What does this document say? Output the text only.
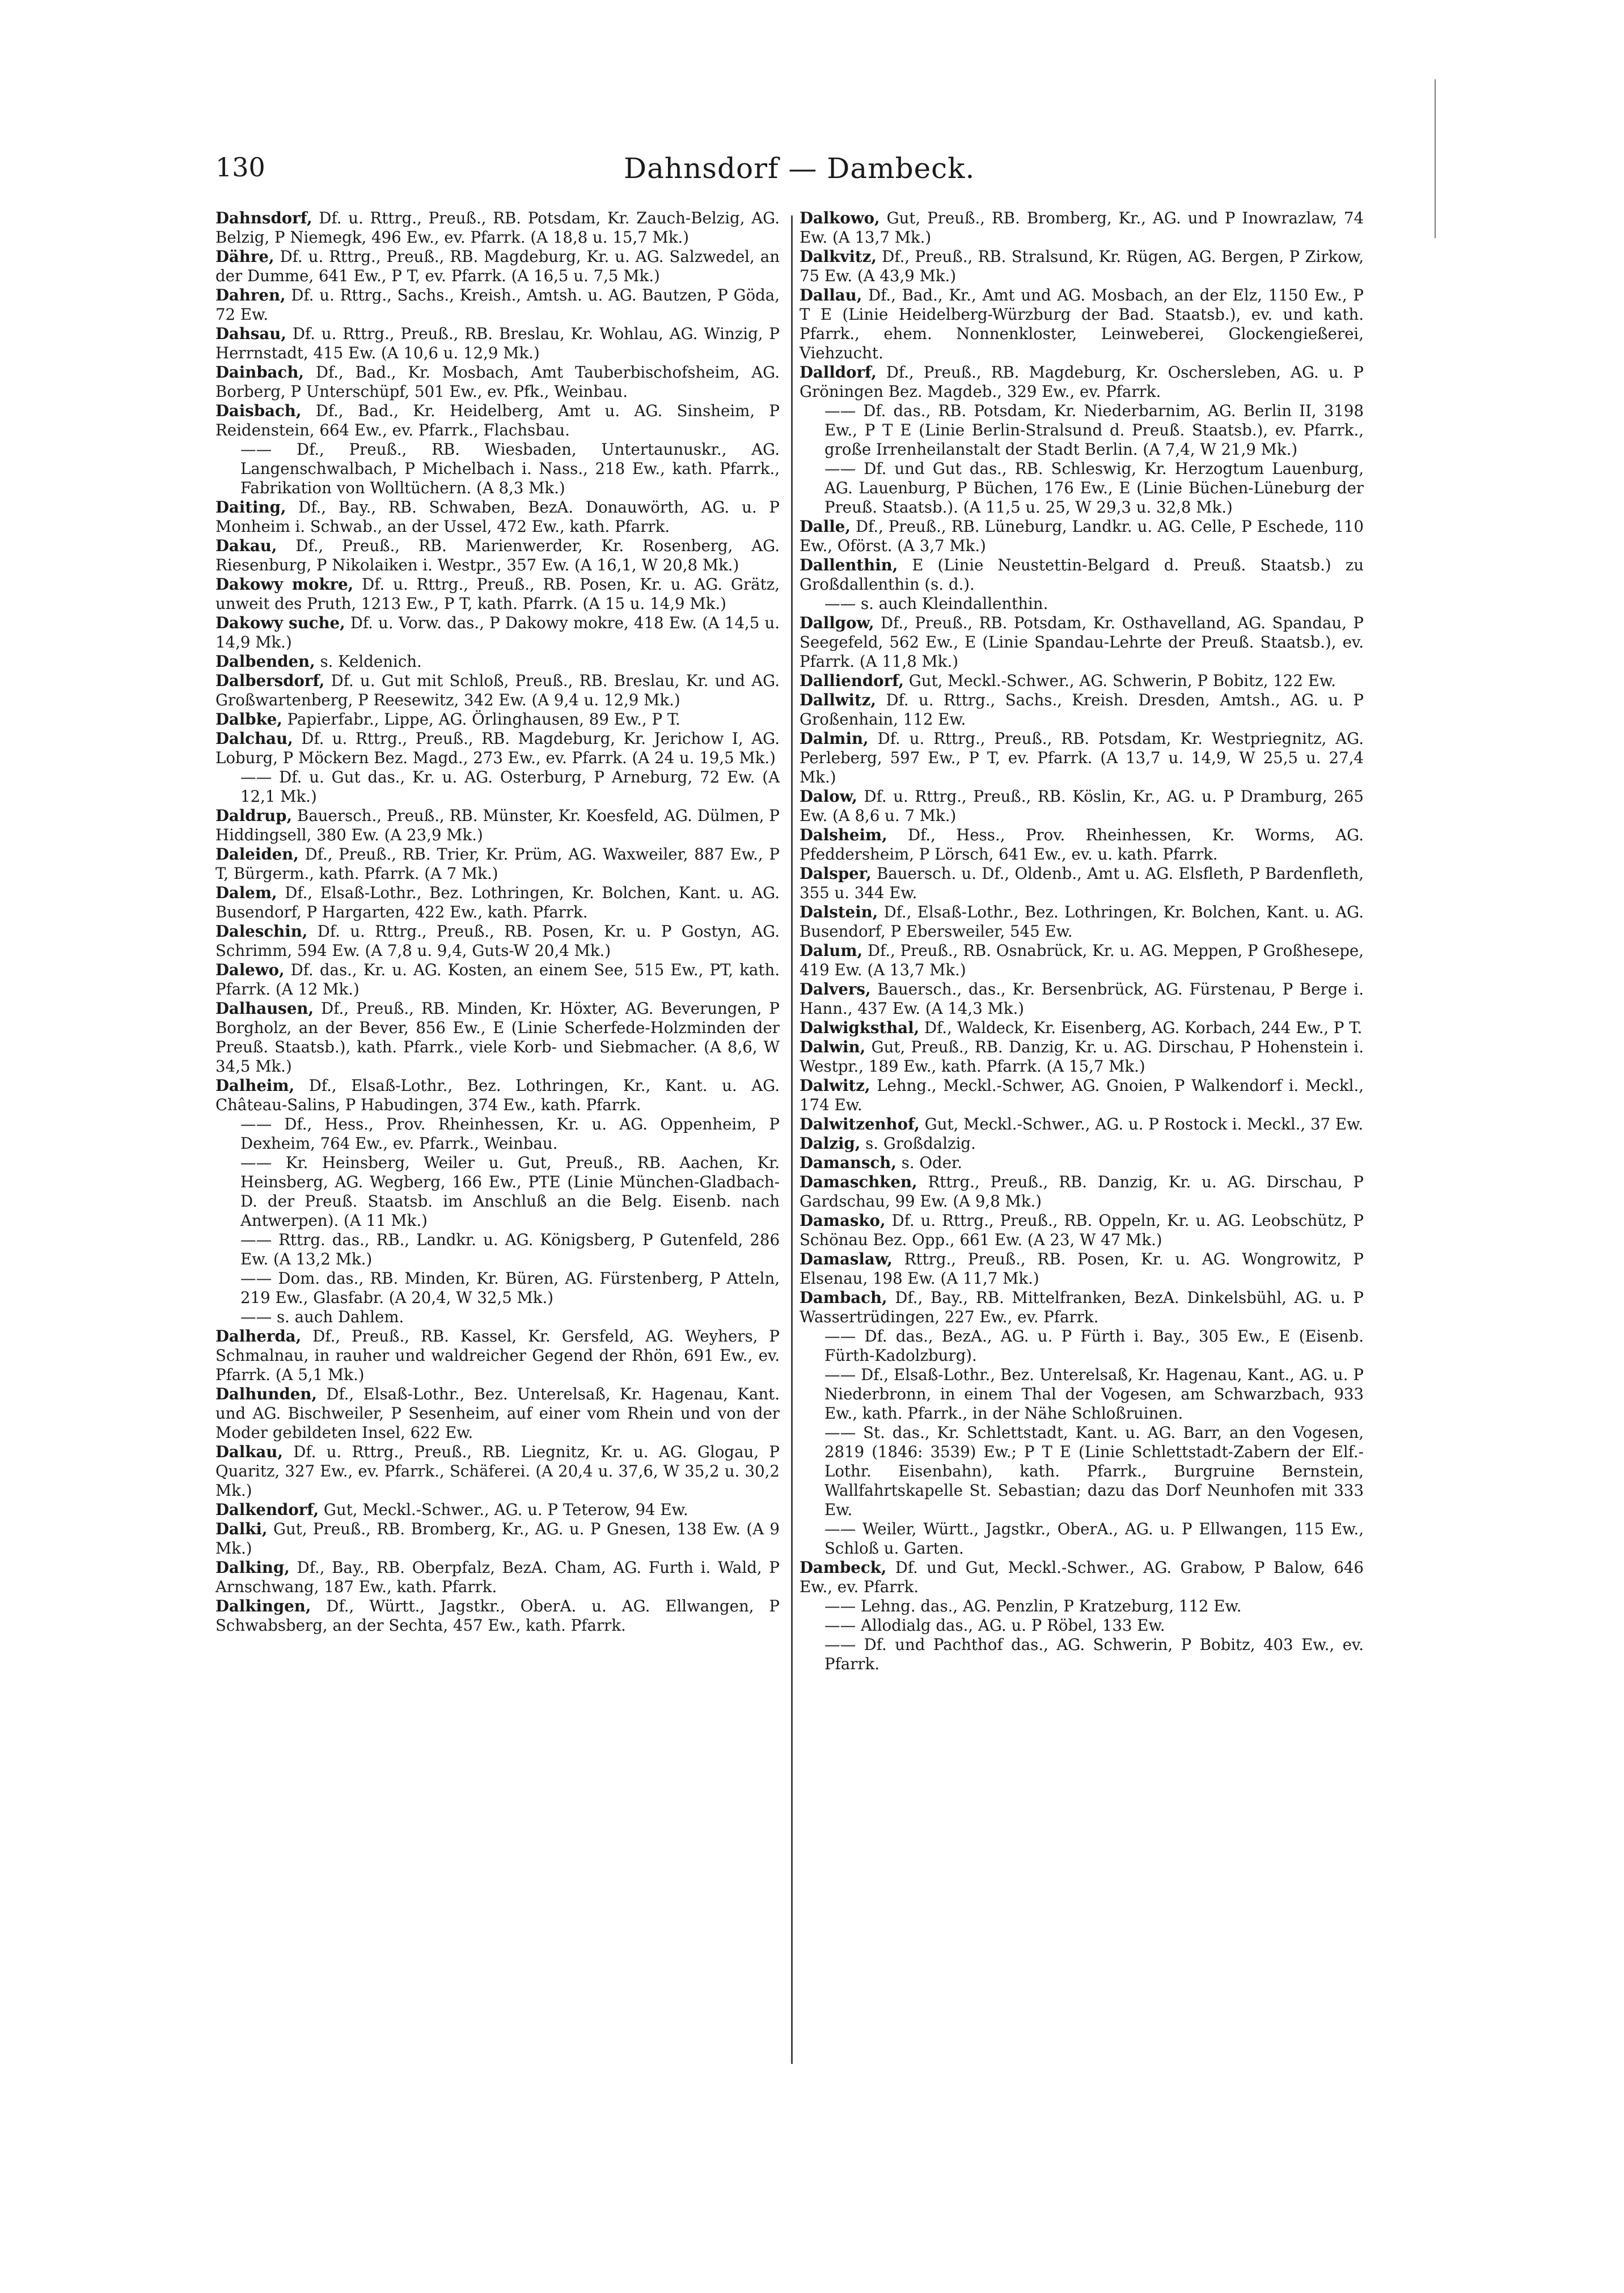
130	Dahnsdorf — Dambeck.

Dahnsdorf, Df. u. Rttrg., Preuß., RB. Potsdam, Kr. Zauch-Belzig, AG. Belzig, P Niemegk, 496 Ew., ev. Pfarrk. (A 18,8 u. 15,7 Mk.)

Dähre, Df. u. Rttrg., Preuß., RB. Magdeburg, Kr. u. AG. Salzwedel, an der Dumme, 641 Ew., P T, ev. Pfarrk. (A 16,5 u. 7,5 Mk.)

Dahren, Df. u. Rttrg., Sachs., Kreish., Amtsh. u. AG. Bautzen, P Göda, 72 Ew.

Dahsau, Df. u. Rttrg., Preuß., RB. Breslau, Kr. Wohlau, AG. Winzig, P Herrnstadt, 415 Ew. (A 10,6 u. 12,9 Mk.)

Dainbach, Df., Bad., Kr. Mosbach, Amt Tauberbischofsheim, AG. Borberg, P Unterschüpf, 501 Ew., ev. Pfk., Weinbau.

Daisbach, Df., Bad., Kr. Heidelberg, Amt u. AG. Sinsheim, P Reidenstein, 664 Ew., ev. Pfarrk., Flachsbau.

—— Df., Preuß., RB. Wiesbaden, Untertaunuskr., AG. Langenschwalbach, P Michelbach i. Nass., 218 Ew., kath. Pfarrk., Fabrikation von Wolltüchern. (A 8,3 Mk.)

Daiting, Df., Bay., RB. Schwaben, BezA. Donauwörth, AG. u. P Monheim i. Schwab., an der Ussel, 472 Ew., kath. Pfarrk.

Dakau, Df., Preuß., RB. Marienwerder, Kr. Rosenberg, AG. Riesenburg, P Nikolaiken i. Westpr., 357 Ew. (A 16,1, W 20,8 Mk.)

Dakowy mokre, Df. u. Rttrg., Preuß., RB. Posen, Kr. u. AG. Grätz, unweit des Pruth, 1213 Ew., P T, kath. Pfarrk. (A 15 u. 14,9 Mk.)

Dakowy suche, Df. u. Vorw. das., P Dakowy mokre, 418 Ew. (A 14,5 u. 14,9 Mk.)

Dalbenden, s. Keldenich.

Dalbersdorf, Df. u. Gut mit Schloß, Preuß., RB. Breslau, Kr. und AG. Großwartenberg, P Reesewitz, 342 Ew. (A 9,4 u. 12,9 Mk.)

Dalbke, Papierfabr., Lippe, AG. Örlinghausen, 89 Ew., P T.

Dalchau, Df. u. Rttrg., Preuß., RB. Magdeburg, Kr. Jerichow I, AG. Loburg, P Möckern Bez. Magd., 273 Ew., ev. Pfarrk. (A 24 u. 19,5 Mk.)

—— Df. u. Gut das., Kr. u. AG. Osterburg, P Arneburg, 72 Ew. (A 12,1 Mk.)

Daldrup, Bauersch., Preuß., RB. Münster, Kr. Koesfeld, AG. Dülmen, P Hiddingsell, 380 Ew. (A 23,9 Mk.)

Daleiden, Df., Preuß., RB. Trier, Kr. Prüm, AG. Waxweiler, 887 Ew., P T, Bürgerm., kath. Pfarrk. (A 7 Mk.)

Dalem, Df., Elsaß-Lothr., Bez. Lothringen, Kr. Bolchen, Kant. u. AG. Busendorf, P Hargarten, 422 Ew., kath. Pfarrk.

Daleschin, Df. u. Rttrg., Preuß., RB. Posen, Kr. u. P Gostyn, AG. Schrimm, 594 Ew. (A 7,8 u. 9,4, Guts-W 20,4 Mk.)

Dalewo, Df. das., Kr. u. AG. Kosten, an einem See, 515 Ew., PT, kath. Pfarrk. (A 12 Mk.)

Dalhausen, Df., Preuß., RB. Minden, Kr. Höxter, AG. Beverungen, P Borgholz, an der Bever, 856 Ew., E (Linie Scherfede-Holzminden der Preuß. Staatsb.), kath. Pfarrk., viele Korb- und Siebmacher. (A 8,6, W 34,5 Mk.)

Dalheim, Df., Elsaß-Lothr., Bez. Lothringen, Kr., Kant. u. AG. Château-Salins, P Habudingen, 374 Ew., kath. Pfarrk.

—— Df., Hess., Prov. Rheinhessen, Kr. u. AG. Oppenheim, P Dexheim, 764 Ew., ev. Pfarrk., Weinbau.

—— Kr. Heinsberg, Weiler u. Gut, Preuß., RB. Aachen, Kr. Heinsberg, AG. Wegberg, 166 Ew., PTE (Linie München-Gladbach-D. der Preuß. Staatsb. im Anschluß an die Belg. Eisenb. nach Antwerpen). (A 11 Mk.)

—— Rttrg. das., RB., Landkr. u. AG. Königsberg, P Gutenfeld, 286 Ew. (A 13,2 Mk.)

—— Dom. das., RB. Minden, Kr. Büren, AG. Fürstenberg, P Atteln, 219 Ew., Glasfabr. (A 20,4, W 32,5 Mk.)

—— s. auch Dahlem.

Dalherda, Df., Preuß., RB. Kassel, Kr. Gersfeld, AG. Weyhers, P Schmalnau, in rauher und waldreicher Gegend der Rhön, 691 Ew., ev. Pfarrk. (A 5,1 Mk.)

Dalhunden, Df., Elsaß-Lothr., Bez. Unterelsaß, Kr. Hagenau, Kant. und AG. Bischweiler, P Sesenheim, auf einer vom Rhein und von der Moder gebildeten Insel, 622 Ew.

Dalkau, Df. u. Rttrg., Preuß., RB. Liegnitz, Kr. u. AG. Glogau, P Quaritz, 327 Ew., ev. Pfarrk., Schäferei. (A 20,4 u. 37,6, W 35,2 u. 30,2 Mk.)

Dalkendorf, Gut, Meckl.-Schwer., AG. u. P Teterow, 94 Ew.

Dalki, Gut, Preuß., RB. Bromberg, Kr., AG. u. P Gnesen, 138 Ew. (A 9 Mk.)

Dalking, Df., Bay., RB. Oberpfalz, BezA. Cham, AG. Furth i. Wald, P Arnschwang, 187 Ew., kath. Pfarrk.

Dalkingen, Df., Württ., Jagstkr., OberA. u. AG. Ellwangen, P Schwabsberg, an der Sechta, 457 Ew., kath. Pfarrk.

Dalkowo, Gut, Preuß., RB. Bromberg, Kr., AG. und P Inowrazlaw, 74 Ew. (A 13,7 Mk.)

Dalkvitz, Df., Preuß., RB. Stralsund, Kr. Rügen, AG. Bergen, P Zirkow, 75 Ew. (A 43,9 Mk.)

Dallau, Df., Bad., Kr., Amt und AG. Mosbach, an der Elz, 1150 Ew., P T E (Linie Heidelberg-Würzburg der Bad. Staatsb.), ev. und kath. Pfarrk., ehem. Nonnenkloster, Leinweberei, Glockengießerei, Viehzucht.

Dalldorf, Df., Preuß., RB. Magdeburg, Kr. Oschersleben, AG. u. P Gröningen Bez. Magdeb., 329 Ew., ev. Pfarrk.

—— Df. das., RB. Potsdam, Kr. Niederbarnim, AG. Berlin II, 3198 Ew., P T E (Linie Berlin-Stralsund d. Preuß. Staatsb.), ev. Pfarrk., große Irrenheilanstalt der Stadt Berlin. (A 7,4, W 21,9 Mk.)

—— Df. und Gut das., RB. Schleswig, Kr. Herzogtum Lauenburg, AG. Lauenburg, P Büchen, 176 Ew., E (Linie Büchen-Lüneburg der Preuß. Staatsb.). (A 11,5 u. 25, W 29,3 u. 32,8 Mk.)

Dalle, Df., Preuß., RB. Lüneburg, Landkr. u. AG. Celle, P Eschede, 110 Ew., Oförst. (A 3,7 Mk.)

Dallenthin, E (Linie Neustettin-Belgard d. Preuß. Staatsb.) zu Großdallenthin (s. d.).

—— s. auch Kleindallenthin.

Dallgow, Df., Preuß., RB. Potsdam, Kr. Osthavelland, AG. Spandau, P Seegefeld, 562 Ew., E (Linie Spandau-Lehrte der Preuß. Staatsb.), ev. Pfarrk. (A 11,8 Mk.)

Dalliendorf, Gut, Meckl.-Schwer., AG. Schwerin, P Bobitz, 122 Ew.

Dallwitz, Df. u. Rttrg., Sachs., Kreish. Dresden, Amtsh., AG. u. P Großenhain, 112 Ew.

Dalmin, Df. u. Rttrg., Preuß., RB. Potsdam, Kr. Westpriegnitz, AG. Perleberg, 597 Ew., P T, ev. Pfarrk. (A 13,7 u. 14,9, W 25,5 u. 27,4 Mk.)

Dalow, Df. u. Rttrg., Preuß., RB. Köslin, Kr., AG. u. P Dramburg, 265 Ew. (A 8,6 u. 7 Mk.)

Dalsheim, Df., Hess., Prov. Rheinhessen, Kr. Worms, AG. Pfeddersheim, P Lörsch, 641 Ew., ev. u. kath. Pfarrk.

Dalsper, Bauersch. u. Df., Oldenb., Amt u. AG. Elsfleth, P Bardenfleth, 355 u. 344 Ew.

Dalstein, Df., Elsaß-Lothr., Bez. Lothringen, Kr. Bolchen, Kant. u. AG. Busendorf, P Ebersweiler, 545 Ew.

Dalum, Df., Preuß., RB. Osnabrück, Kr. u. AG. Meppen, P Großhesepe, 419 Ew. (A 13,7 Mk.)

Dalvers, Bauersch., das., Kr. Bersenbrück, AG. Fürstenau, P Berge i. Hann., 437 Ew. (A 14,3 Mk.)

Dalwigksthal, Df., Waldeck, Kr. Eisenberg, AG. Korbach, 244 Ew., P T.

Dalwin, Gut, Preuß., RB. Danzig, Kr. u. AG. Dirschau, P Hohenstein i. Westpr., 189 Ew., kath. Pfarrk. (A 15,7 Mk.)

Dalwitz, Lehng., Meckl.-Schwer, AG. Gnoien, P Walkendorf i. Meckl., 174 Ew.

Dalwitzenhof, Gut, Meckl.-Schwer., AG. u. P Rostock i. Meckl., 37 Ew.

Dalzig, s. Großdalzig.

Damansch, s. Oder.

Damaschken, Rttrg., Preuß., RB. Danzig, Kr. u. AG. Dirschau, P Gardschau, 99 Ew. (A 9,8 Mk.)

Damasko, Df. u. Rttrg., Preuß., RB. Oppeln, Kr. u. AG. Leobschütz, P Schönau Bez. Opp., 661 Ew. (A 23, W 47 Mk.)

Damaslaw, Rttrg., Preuß., RB. Posen, Kr. u. AG. Wongrowitz, P Elsenau, 198 Ew. (A 11,7 Mk.)

Dambach, Df., Bay., RB. Mittelfranken, BezA. Dinkelsbühl, AG. u. P Wassertrüdingen, 227 Ew., ev. Pfarrk.

—— Df. das., BezA., AG. u. P Fürth i. Bay., 305 Ew., E (Eisenb. Fürth-Kadolzburg).

—— Df., Elsaß-Lothr., Bez. Unterelsaß, Kr. Hagenau, Kant., AG. u. P Niederbronn, in einem Thal der Vogesen, am Schwarzbach, 933 Ew., kath. Pfarrk., in der Nähe Schloßruinen.

—— St. das., Kr. Schlettstadt, Kant. u. AG. Barr, an den Vogesen, 2819 (1846: 3539) Ew.; P T E (Linie Schlettstadt-Zabern der Elf.-Lothr. Eisenbahn), kath. Pfarrk., Burgruine Bernstein, Wallfahrtskapelle St. Sebastian; dazu das Dorf Neunhofen mit 333 Ew.

—— Weiler, Württ., Jagstkr., OberA., AG. u. P Ellwangen, 115 Ew., Schloß u. Garten.

Dambeck, Df. und Gut, Meckl.-Schwer., AG. Grabow, P Balow, 646 Ew., ev. Pfarrk.

—— Lehng. das., AG. Penzlin, P Kratzeburg, 112 Ew.

—— Allodialg das., AG. u. P Röbel, 133 Ew.

—— Df. und Pachthof das., AG. Schwerin, P Bobitz, 403 Ew., ev. Pfarrk.
